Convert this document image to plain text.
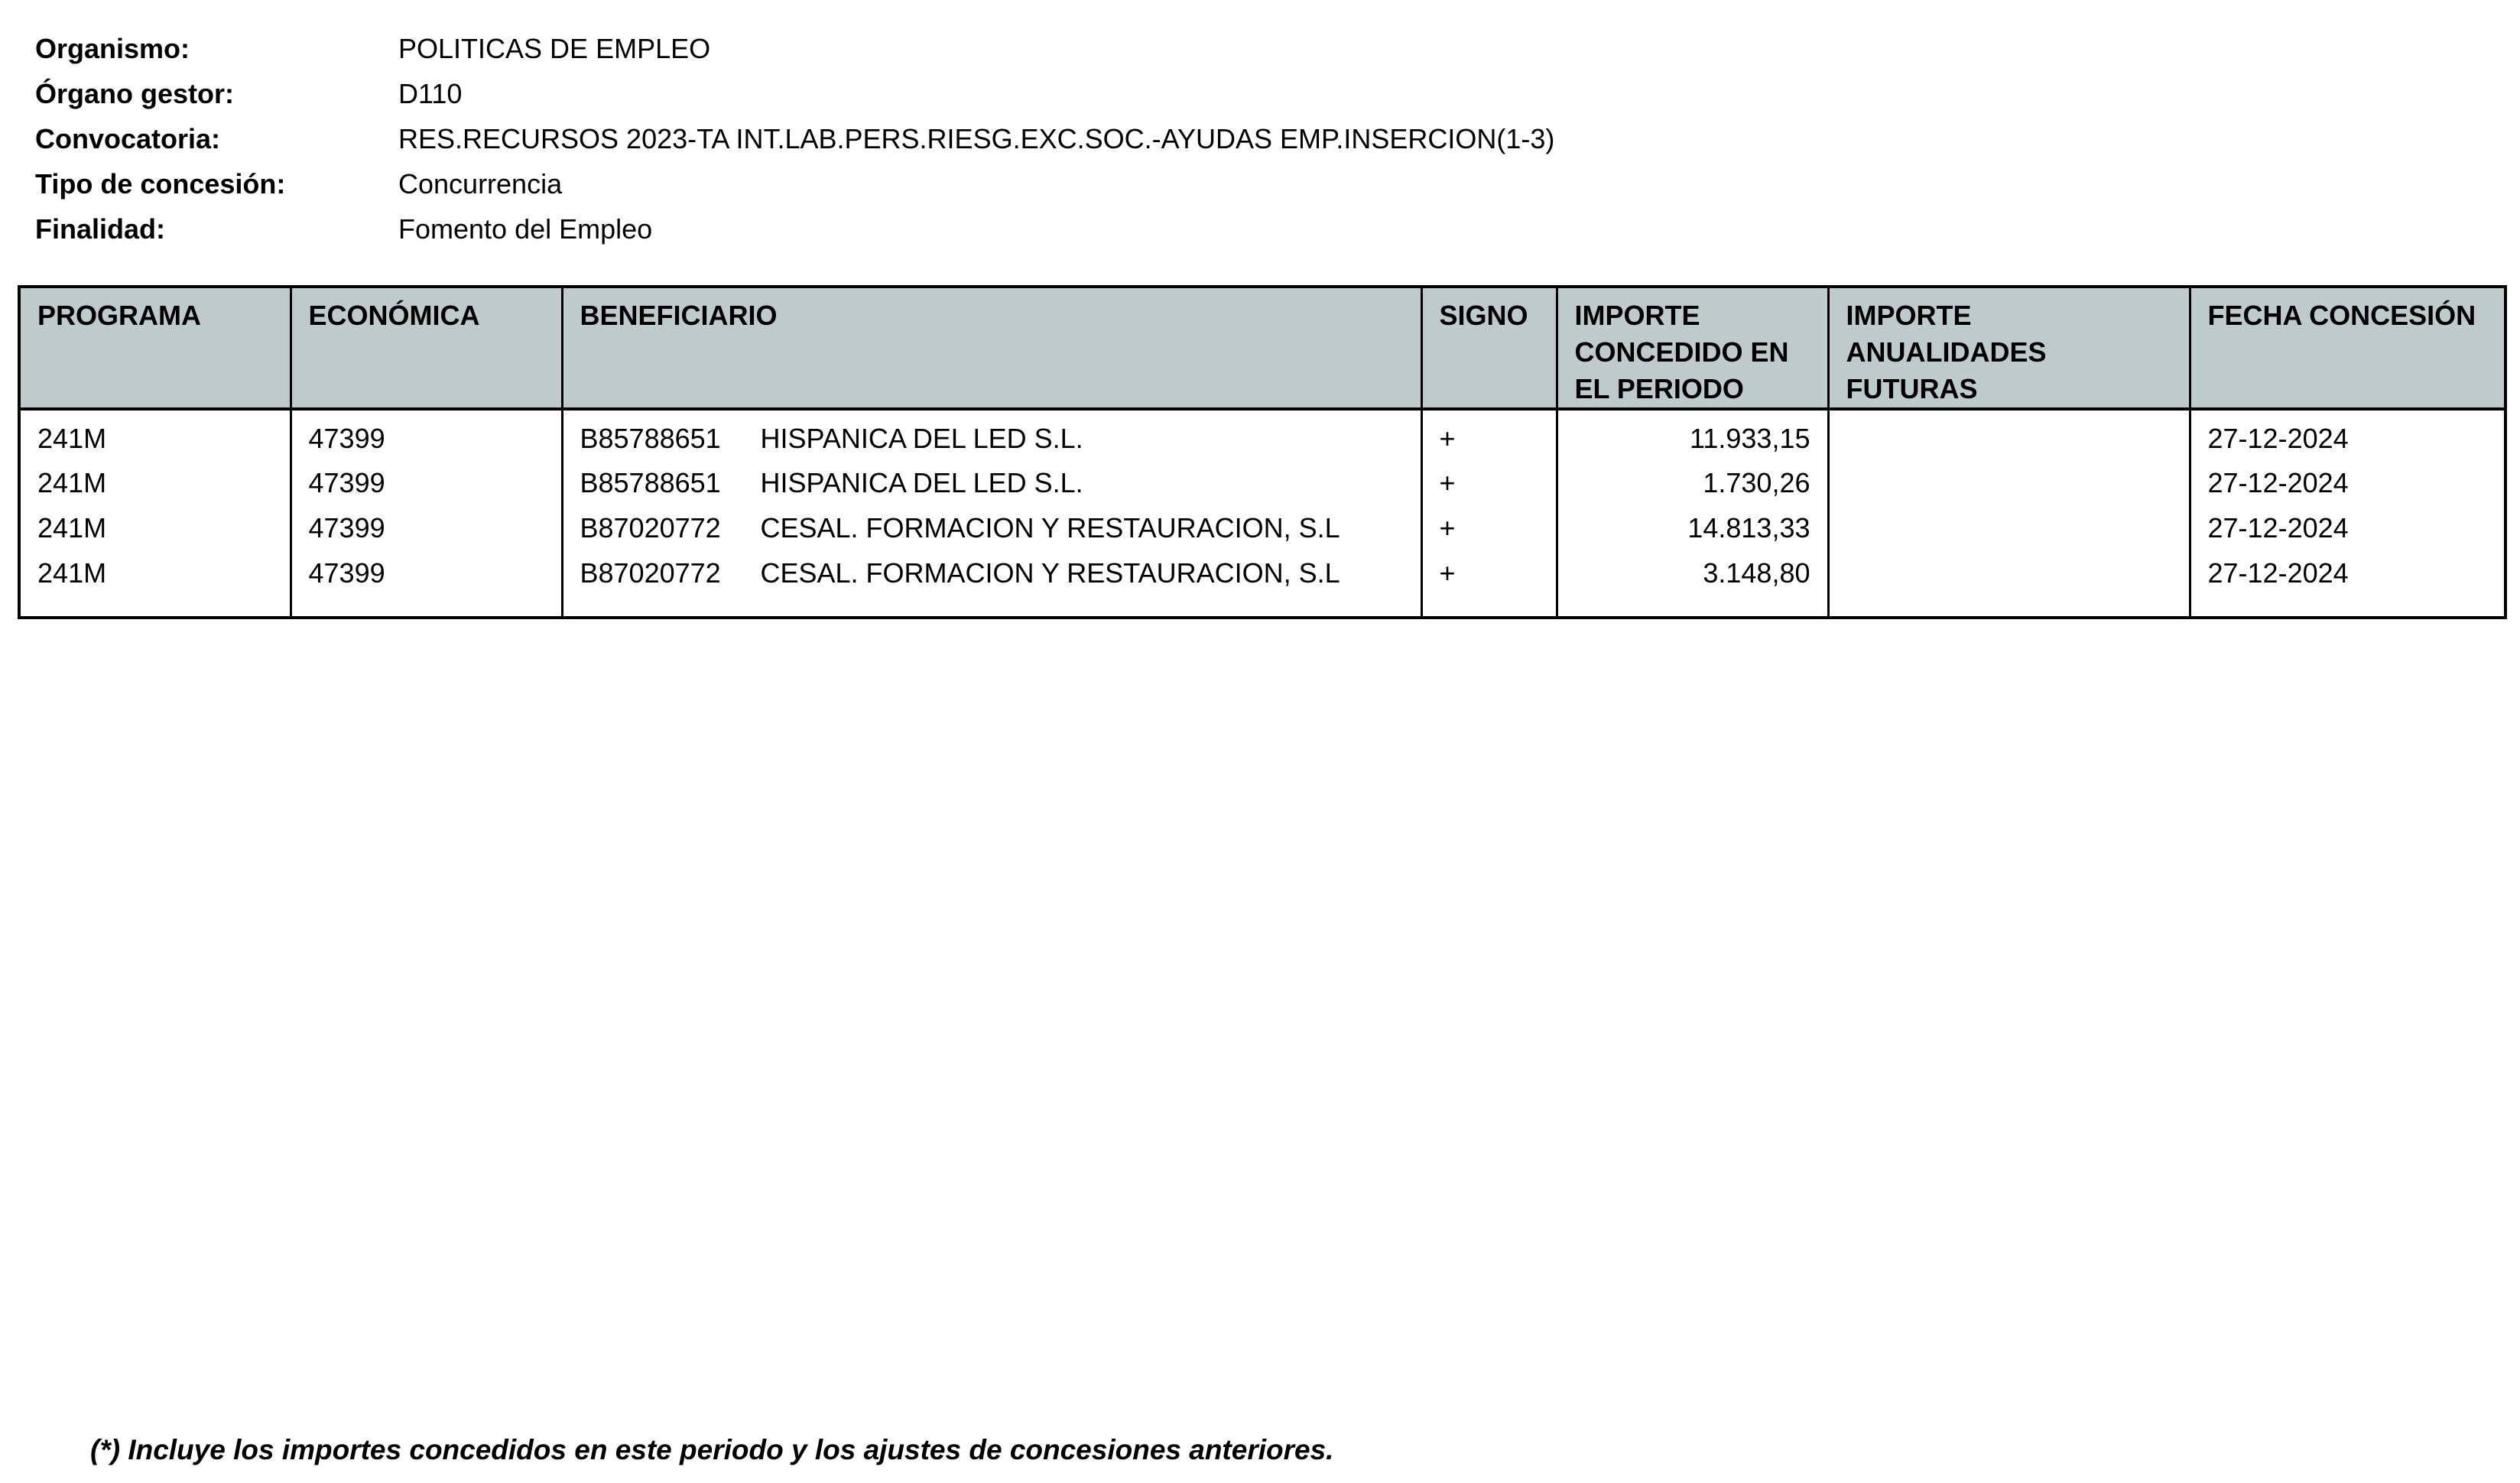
Organismo:	POLITICAS DE EMPLEO
Órgano gestor:	D110
Convocatoria:	RES.RECURSOS 2023-TA INT.LAB.PERS.RIESG.EXC.SOC.-AYUDAS EMP.INSERCION(1-3)
Tipo de concesión:	Concurrencia
Finalidad:	Fomento del Empleo
PROGRAMA	ECONÓMICA	BENEFICIARIO	SIGNO	IMPORTE CONCEDIDO EN EL PERIODO	IMPORTE ANUALIDADES FUTURAS	FECHA CONCESIÓN
241M	47399	B85788651 HISPANICA DEL LED S.L.	+	11.933,15		27-12-2024
241M	47399	B85788651 HISPANICA DEL LED S.L.	+	1.730,26		27-12-2024
241M	47399	B87020772 CESAL. FORMACION Y RESTAURACION, S.L	+	14.813,33		27-12-2024
241M	47399	B87020772 CESAL. FORMACION Y RESTAURACION, S.L	+	3.148,80		27-12-2024

(*) Incluye los importes concedidos en este periodo y los ajustes de concesiones anteriores.
